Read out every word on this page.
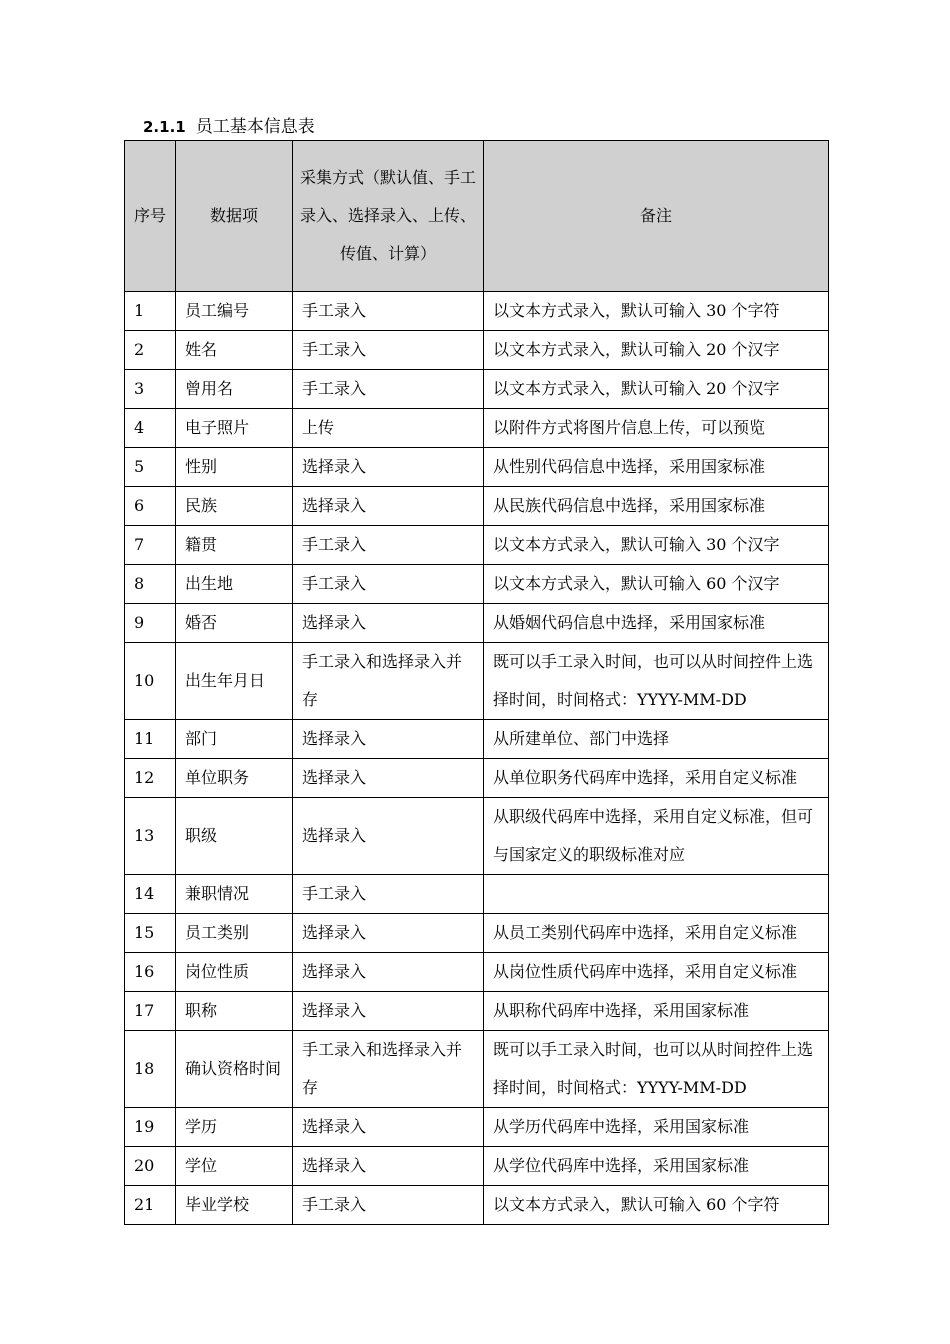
2.1.1 员工基本信息表
序号	数据项	采集方式（默认值、手工录入、选择录入、上传、传值、计算）	备注
1	员工编号	手工录入	以文本方式录入，默认可输入 30 个字符
2	姓名	手工录入	以文本方式录入，默认可输入 20 个汉字
3	曾用名	手工录入	以文本方式录入，默认可输入 20 个汉字
4	电子照片	上传	以附件方式将图片信息上传，可以预览
5	性别	选择录入	从性别代码信息中选择，采用国家标准
6	民族	选择录入	从民族代码信息中选择，采用国家标准
7	籍贯	手工录入	以文本方式录入，默认可输入 30 个汉字
8	出生地	手工录入	以文本方式录入，默认可输入 60 个汉字
9	婚否	选择录入	从婚姻代码信息中选择，采用国家标准
10	出生年月日	手工录入和选择录入并存	既可以手工录入时间，也可以从时间控件上选择时间，时间格式：YYYY-MM-DD
11	部门	选择录入	从所建单位、部门中选择
12	单位职务	选择录入	从单位职务代码库中选择，采用自定义标准
13	职级	选择录入	从职级代码库中选择，采用自定义标准，但可与国家定义的职级标准对应
14	兼职情况	手工录入	
15	员工类别	选择录入	从员工类别代码库中选择，采用自定义标准
16	岗位性质	选择录入	从岗位性质代码库中选择，采用自定义标准
17	职称	选择录入	从职称代码库中选择，采用国家标准
18	确认资格时间	手工录入和选择录入并存	既可以手工录入时间，也可以从时间控件上选择时间，时间格式：YYYY-MM-DD
19	学历	选择录入	从学历代码库中选择，采用国家标准
20	学位	选择录入	从学位代码库中选择，采用国家标准
21	毕业学校	手工录入	以文本方式录入，默认可输入 60 个字符
